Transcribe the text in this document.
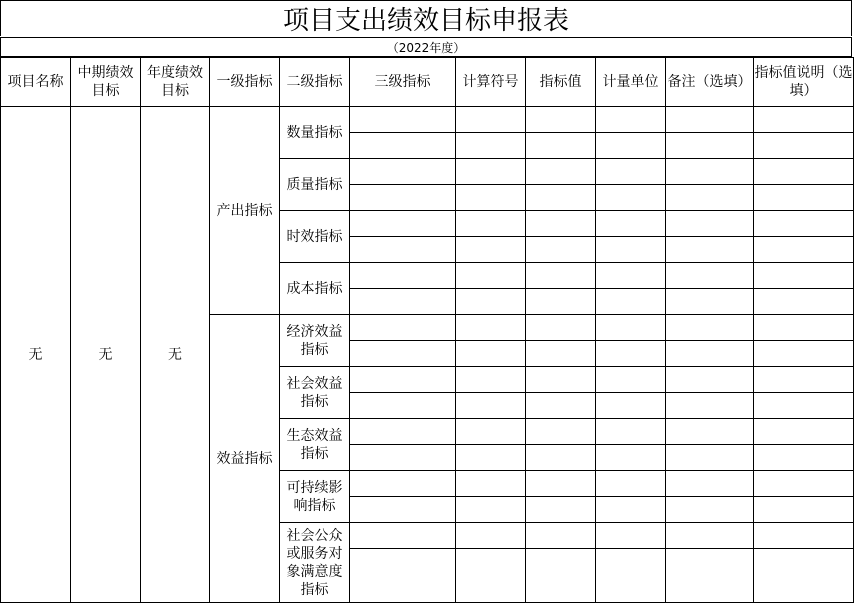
项目支出绩效目标申报表
（2022年度）
项目名称	中期绩效目标	年度绩效目标	一级指标	二级指标	三级指标	计算符号	指标值	计量单位	备注（选填）	指标值说明（选填）
无	无	无	产出指标	数量指标						

				质量指标						

				时效指标						

				成本指标						

			效益指标	经济效益指标						

				社会效益指标						

				生态效益指标						

				可持续影响指标						

				社会公众或服务对象满意度指标						
